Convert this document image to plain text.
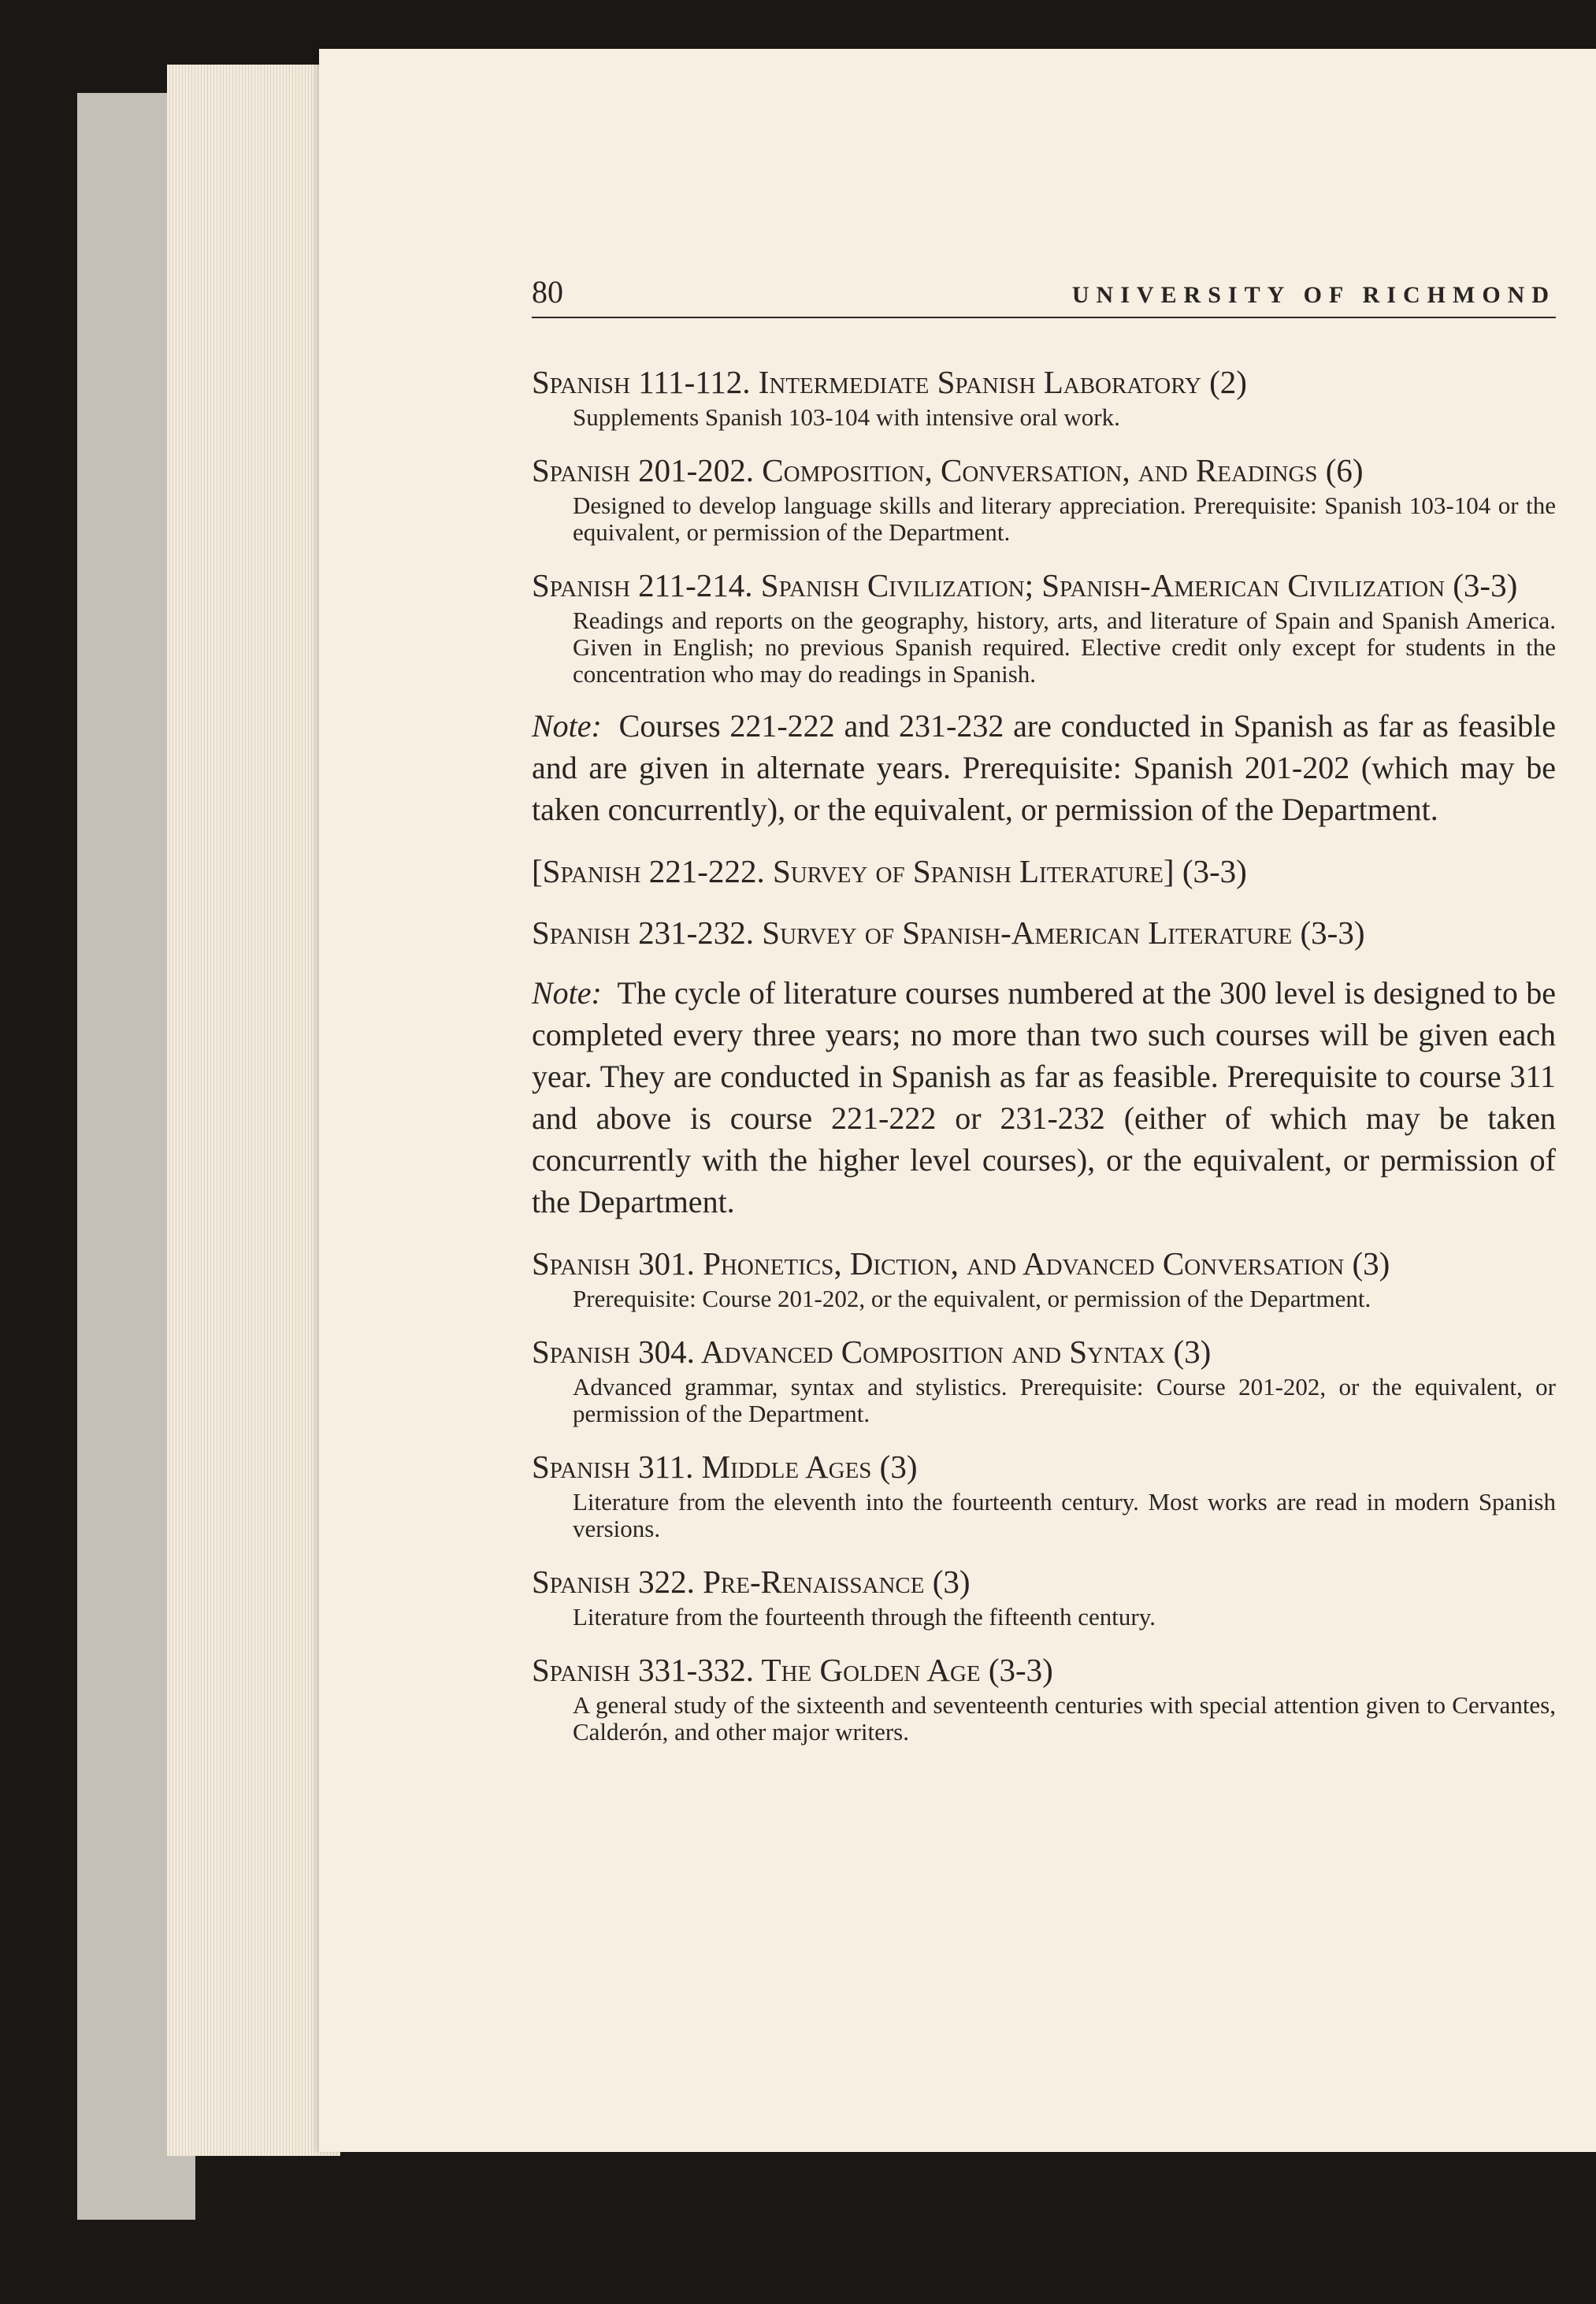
80	UNIVERSITY OF RICHMOND
Spanish 111-112. Intermediate Spanish Laboratory (2)
Supplements Spanish 103-104 with intensive oral work.
Spanish 201-202. Composition, Conversation, and Readings (6)
Designed to develop language skills and literary appreciation. Prerequisite: Spanish 103-104 or the equivalent, or permission of the Department.
Spanish 211-214. Spanish Civilization; Spanish-American Civilization (3-3)
Readings and reports on the geography, history, arts, and literature of Spain and Spanish America. Given in English; no previous Spanish required. Elective credit only except for students in the concentration who may do readings in Spanish.

Note: Courses 221-222 and 231-232 are conducted in Spanish as far as feasible and are given in alternate years. Prerequisite: Spanish 201-202 (which may be taken concurrently), or the equivalent, or permission of the Department.

[Spanish 221-222. Survey of Spanish Literature] (3-3)
Spanish 231-232. Survey of Spanish-American Literature (3-3)

Note: The cycle of literature courses numbered at the 300 level is designed to be completed every three years; no more than two such courses will be given each year. They are conducted in Spanish as far as feasible. Prerequisite to course 311 and above is course 221-222 or 231-232 (either of which may be taken concurrently with the higher level courses), or the equivalent, or permission of the Department.

Spanish 301. Phonetics, Diction, and Advanced Conversation (3)
Prerequisite: Course 201-202, or the equivalent, or permission of the Department.
Spanish 304. Advanced Composition and Syntax (3)
Advanced grammar, syntax and stylistics. Prerequisite: Course 201-202, or the equivalent, or permission of the Department.
Spanish 311. Middle Ages (3)
Literature from the eleventh into the fourteenth century. Most works are read in modern Spanish versions.
Spanish 322. Pre-Renaissance (3)
Literature from the fourteenth through the fifteenth century.
Spanish 331-332. The Golden Age (3-3)
A general study of the sixteenth and seventeenth centuries with special attention given to Cervantes, Calderón, and other major writers.
